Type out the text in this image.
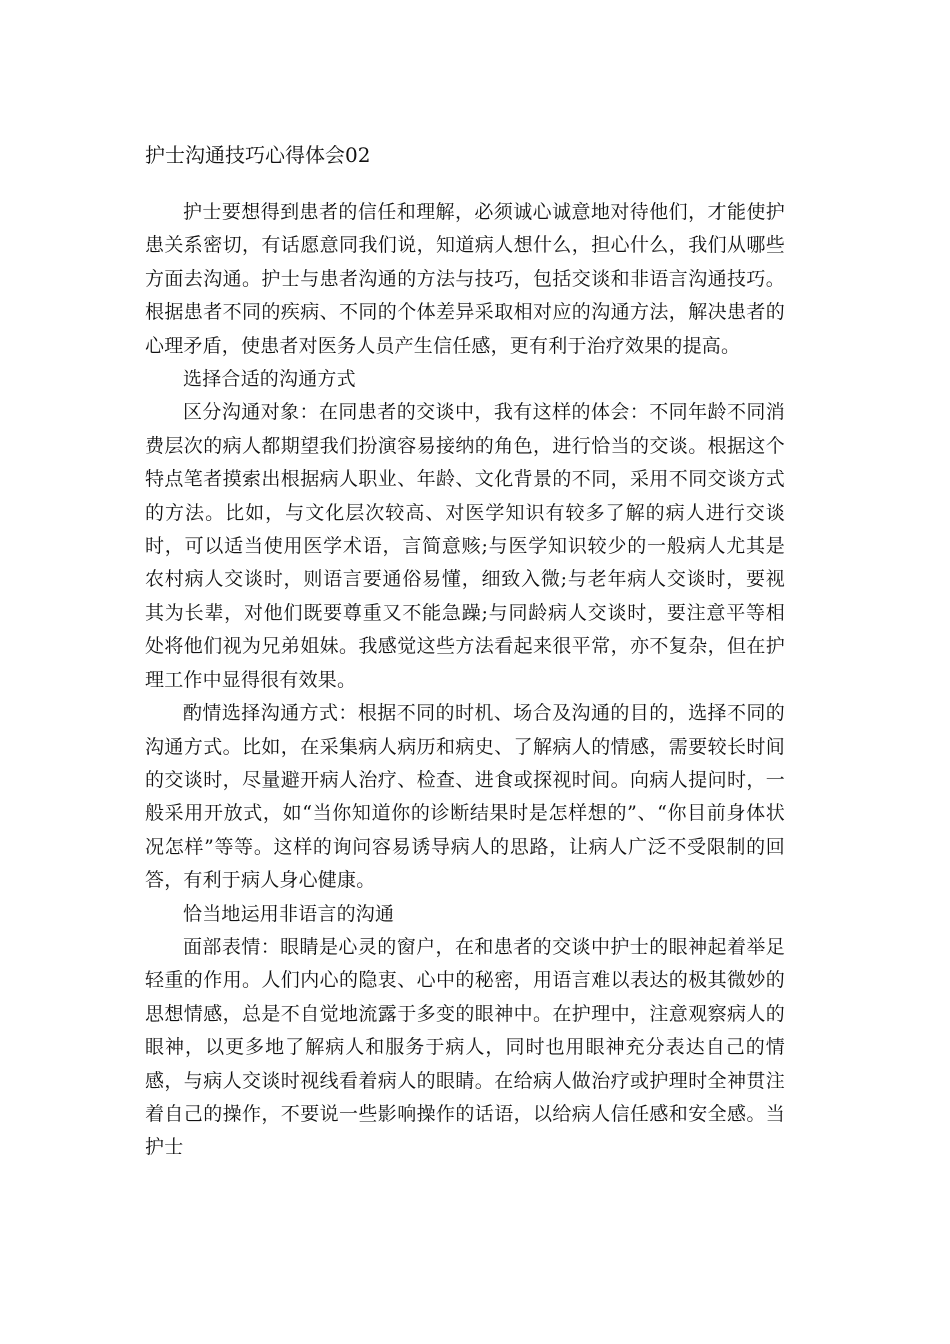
护士沟通技巧心得体会02

护士要想得到患者的信任和理解，必须诚心诚意地对待他们，才能使护患关系密切，有话愿意同我们说，知道病人想什么，担心什么，我们从哪些方面去沟通。护士与患者沟通的方法与技巧，包括交谈和非语言沟通技巧。根据患者不同的疾病、不同的个体差异采取相对应的沟通方法，解决患者的心理矛盾，使患者对医务人员产生信任感，更有利于治疗效果的提高。

选择合适的沟通方式

区分沟通对象：在同患者的交谈中，我有这样的体会：不同年龄不同消费层次的病人都期望我们扮演容易接纳的角色，进行恰当的交谈。根据这个特点笔者摸索出根据病人职业、年龄、文化背景的不同，采用不同交谈方式的方法。比如，与文化层次较高、对医学知识有较多了解的病人进行交谈时，可以适当使用医学术语，言简意赅;与医学知识较少的一般病人尤其是农村病人交谈时，则语言要通俗易懂，细致入微;与老年病人交谈时，要视其为长辈，对他们既要尊重又不能急躁;与同龄病人交谈时，要注意平等相处将他们视为兄弟姐妹。我感觉这些方法看起来很平常，亦不复杂，但在护理工作中显得很有效果。

酌情选择沟通方式：根据不同的时机、场合及沟通的目的，选择不同的沟通方式。比如，在采集病人病历和病史、了解病人的情感，需要较长时间的交谈时，尽量避开病人治疗、检查、进食或探视时间。向病人提问时，一般采用开放式，如“当你知道你的诊断结果时是怎样想的”、“你目前身体状况怎样”等等。这样的询问容易诱导病人的思路，让病人广泛不受限制的回答，有利于病人身心健康。

恰当地运用非语言的沟通

面部表情：眼睛是心灵的窗户，在和患者的交谈中护士的眼神起着举足轻重的作用。人们内心的隐衷、心中的秘密，用语言难以表达的极其微妙的思想情感，总是不自觉地流露于多变的眼神中。在护理中，注意观察病人的眼神，以更多地了解病人和服务于病人，同时也用眼神充分表达自己的情感，与病人交谈时视线看着病人的眼睛。在给病人做治疗或护理时全神贯注着自己的操作，不要说一些影响操作的话语，以给病人信任感和安全感。当护士
